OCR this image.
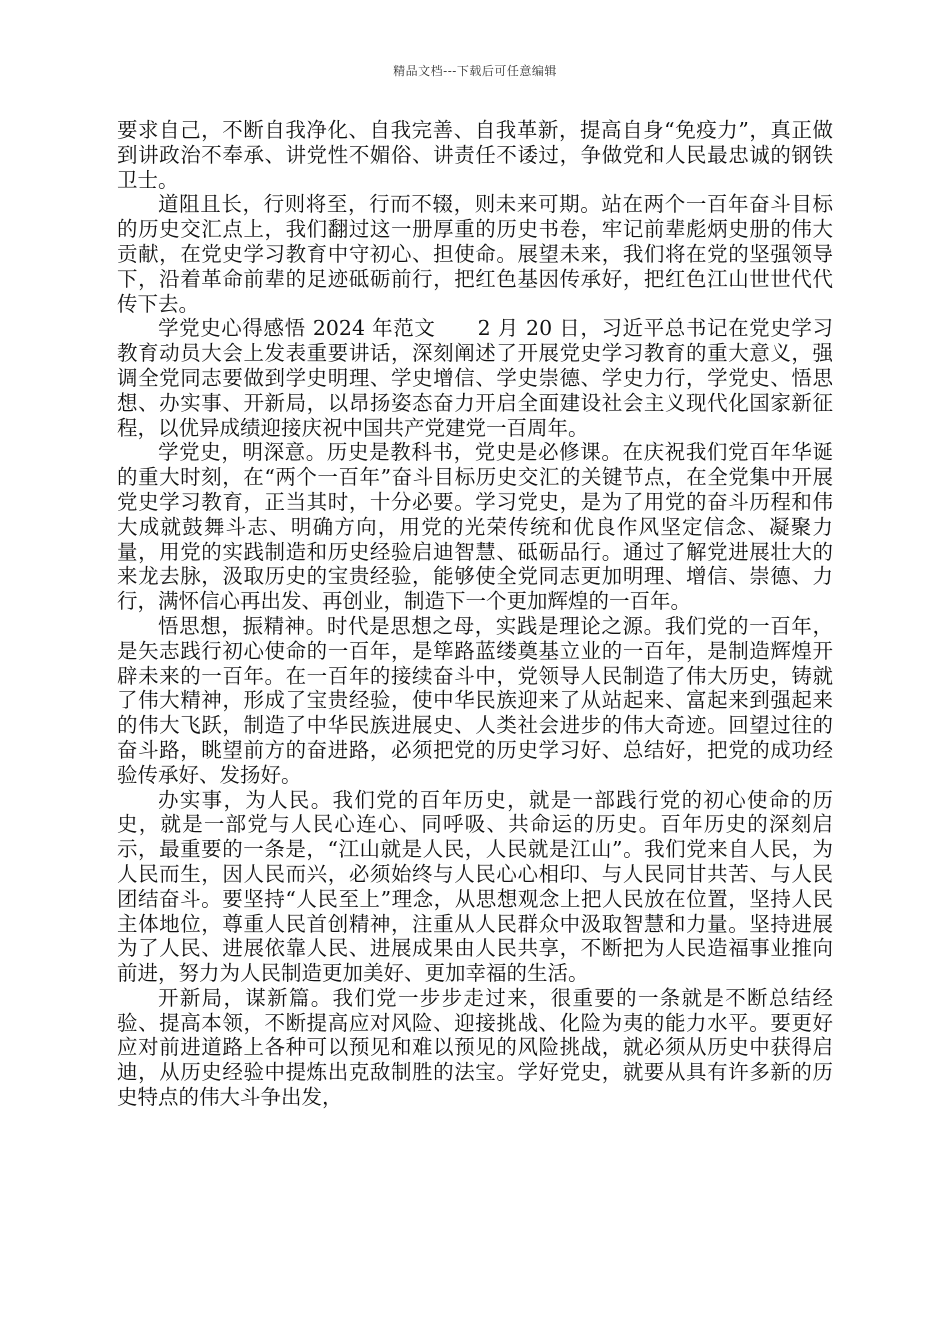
精品文档---下载后可任意编辑

要求自己，不断自我净化、自我完善、自我革新，提高自身“免疫力”，真正做到讲政治不奉承、讲党性不媚俗、讲责任不诿过，争做党和人民最忠诚的钢铁卫士。

道阻且长，行则将至，行而不辍，则未来可期。站在两个一百年奋斗目标的历史交汇点上，我们翻过这一册厚重的历史书卷，牢记前辈彪炳史册的伟大贡献，在党史学习教育中守初心、担使命。展望未来，我们将在党的坚强领导下，沿着革命前辈的足迹砥砺前行，把红色基因传承好，把红色江山世世代代传下去。

学党史心得感悟 2024 年范文　　2 月 20 日，习近平总书记在党史学习教育动员大会上发表重要讲话，深刻阐述了开展党史学习教育的重大意义，强调全党同志要做到学史明理、学史增信、学史崇德、学史力行，学党史、悟思想、办实事、开新局，以昂扬姿态奋力开启全面建设社会主义现代化国家新征程，以优异成绩迎接庆祝中国共产党建党一百周年。

学党史，明深意。历史是教科书，党史是必修课。在庆祝我们党百年华诞的重大时刻，在“两个一百年”奋斗目标历史交汇的关键节点，在全党集中开展党史学习教育，正当其时，十分必要。学习党史，是为了用党的奋斗历程和伟大成就鼓舞斗志、明确方向，用党的光荣传统和优良作风坚定信念、凝聚力量，用党的实践制造和历史经验启迪智慧、砥砺品行。通过了解党进展壮大的来龙去脉，汲取历史的宝贵经验，能够使全党同志更加明理、增信、崇德、力行，满怀信心再出发、再创业，制造下一个更加辉煌的一百年。

悟思想，振精神。时代是思想之母，实践是理论之源。我们党的一百年，是矢志践行初心使命的一百年，是筚路蓝缕奠基立业的一百年，是制造辉煌开辟未来的一百年。在一百年的接续奋斗中，党领导人民制造了伟大历史，铸就了伟大精神，形成了宝贵经验，使中华民族迎来了从站起来、富起来到强起来的伟大飞跃，制造了中华民族进展史、人类社会进步的伟大奇迹。回望过往的奋斗路，眺望前方的奋进路，必须把党的历史学习好、总结好，把党的成功经验传承好、发扬好。

办实事，为人民。我们党的百年历史，就是一部践行党的初心使命的历史，就是一部党与人民心连心、同呼吸、共命运的历史。百年历史的深刻启示，最重要的一条是，“江山就是人民，人民就是江山”。我们党来自人民，为人民而生，因人民而兴，必须始终与人民心心相印、与人民同甘共苦、与人民团结奋斗。要坚持“人民至上”理念，从思想观念上把人民放在位置，坚持人民主体地位，尊重人民首创精神，注重从人民群众中汲取智慧和力量。坚持进展为了人民、进展依靠人民、进展成果由人民共享，不断把为人民造福事业推向前进，努力为人民制造更加美好、更加幸福的生活。

开新局，谋新篇。我们党一步步走过来，很重要的一条就是不断总结经验、提高本领，不断提高应对风险、迎接挑战、化险为夷的能力水平。要更好应对前进道路上各种可以预见和难以预见的风险挑战，就必须从历史中获得启迪，从历史经验中提炼出克敌制胜的法宝。学好党史，就要从具有许多新的历史特点的伟大斗争出发，
